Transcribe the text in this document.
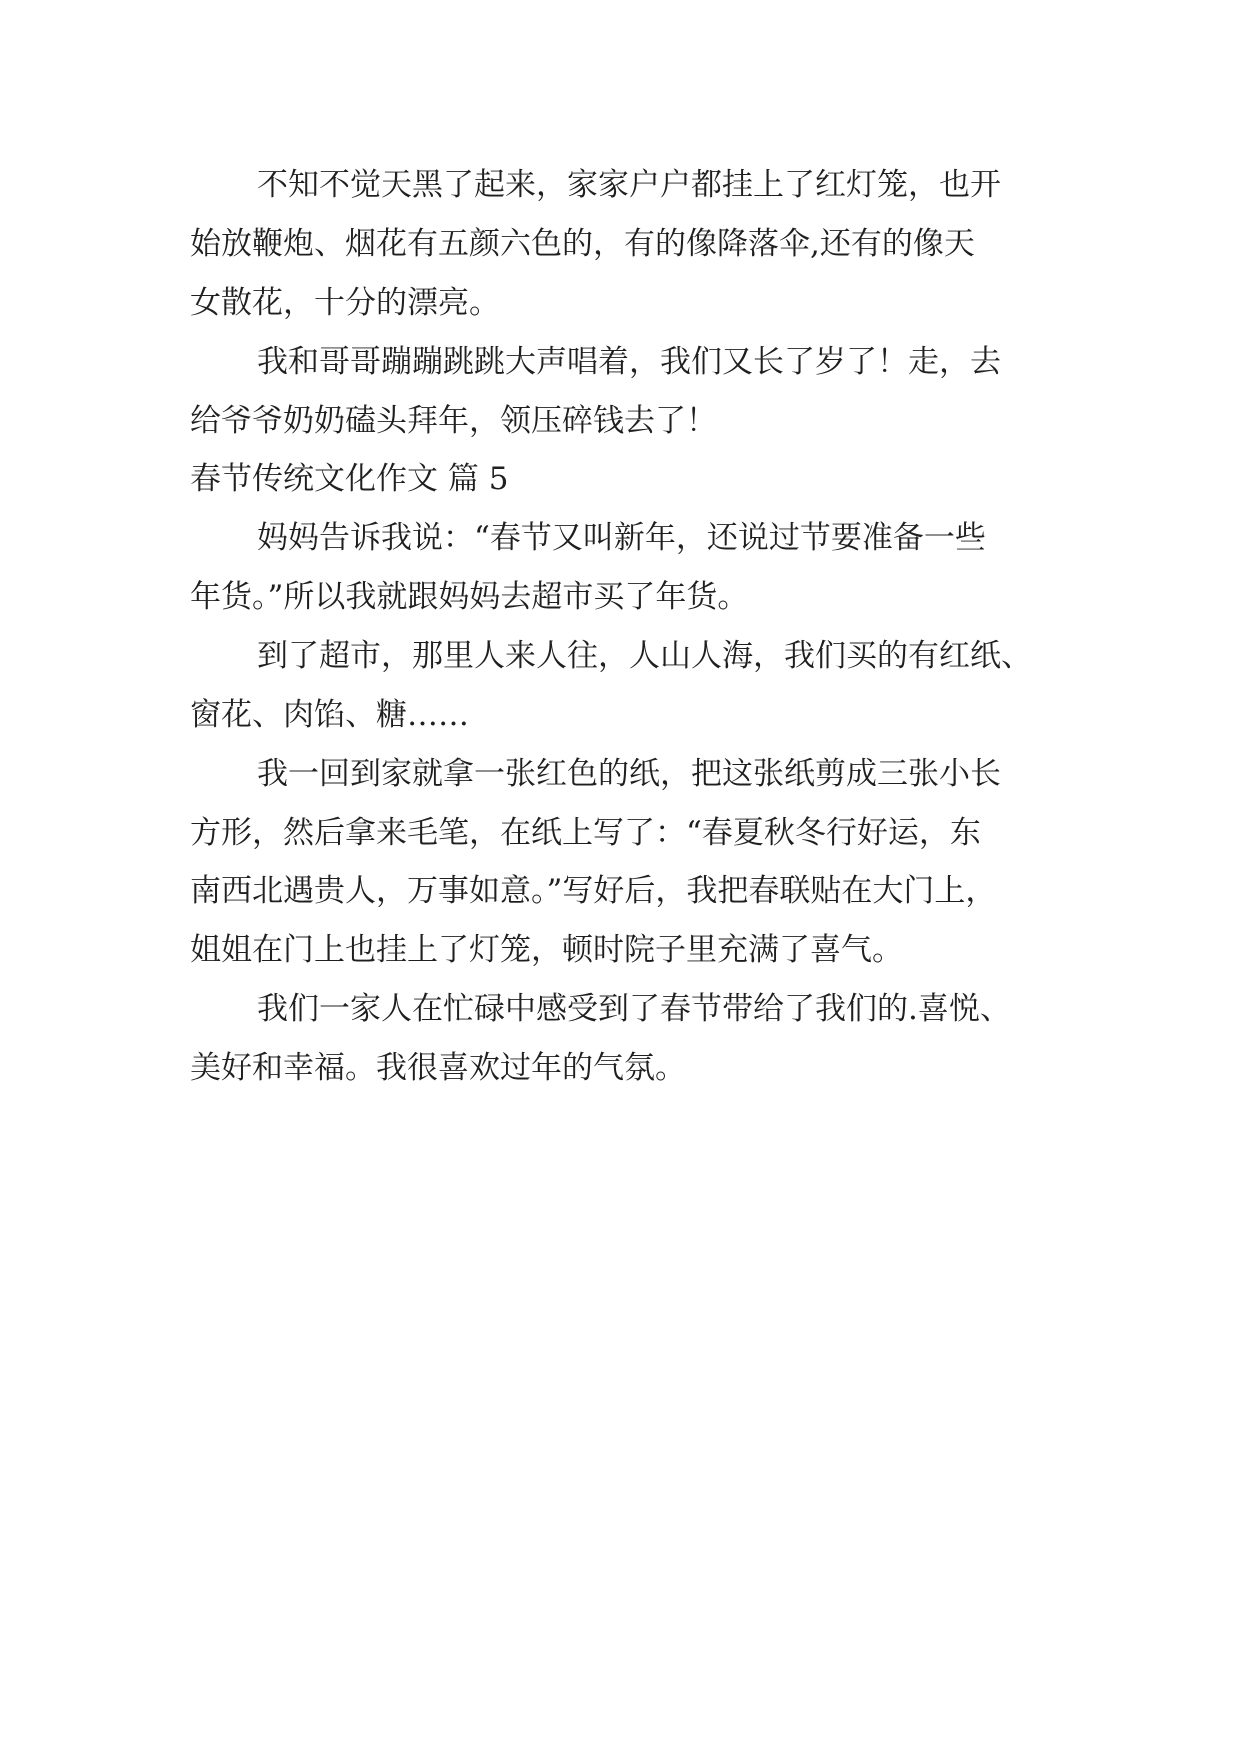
不知不觉天黑了起来，家家户户都挂上了红灯笼，也开

始放鞭炮、烟花有五颜六色的，有的像降落伞,还有的像天

女散花，十分的漂亮。

我和哥哥蹦蹦跳跳大声唱着，我们又长了岁了！走，去

给爷爷奶奶磕头拜年，领压碎钱去了！

春节传统文化作文 篇 5

妈妈告诉我说：“春节又叫新年，还说过节要准备一些

年货。”所以我就跟妈妈去超市买了年货。

到了超市，那里人来人往，人山人海，我们买的有红纸、

窗花、肉馅、糖……

我一回到家就拿一张红色的纸，把这张纸剪成三张小长

方形，然后拿来毛笔，在纸上写了：“春夏秋冬行好运，东

南西北遇贵人，万事如意。”写好后，我把春联贴在大门上，

姐姐在门上也挂上了灯笼，顿时院子里充满了喜气。

我们一家人在忙碌中感受到了春节带给了我们的.喜悦、

美好和幸福。我很喜欢过年的气氛。
